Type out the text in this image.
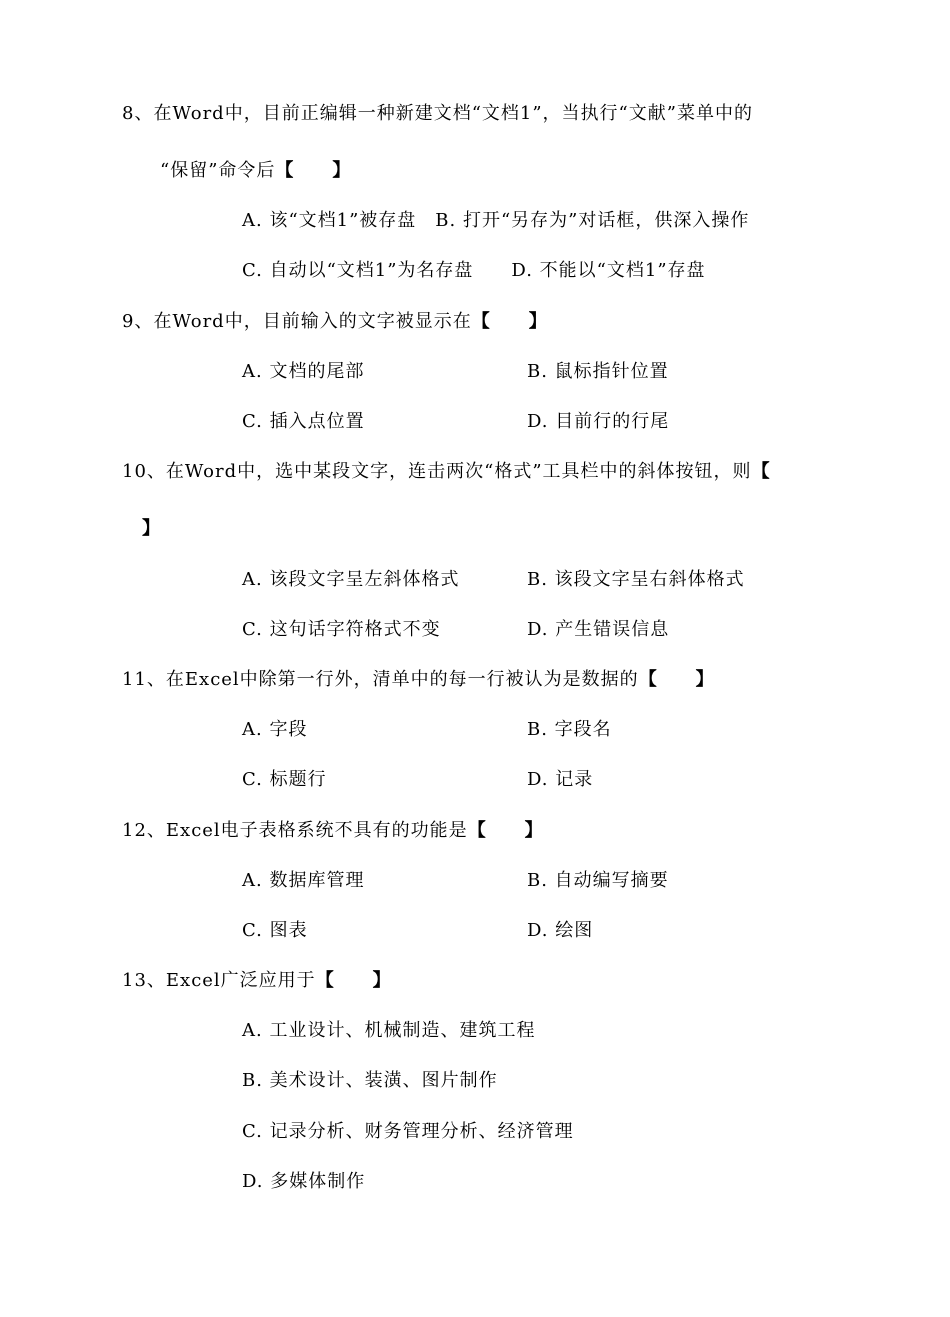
8、在Word中，目前正编辑一种新建文档“文档1”，当执行“文献”菜单中的
“保留”命令后【　　】
A. 该“文档1”被存盘　B. 打开“另存为”对话框，供深入操作
C. 自动以“文档1”为名存盘　　D. 不能以“文档1”存盘
9、在Word中，目前输入的文字被显示在【　　】
A. 文档的尾部	B. 鼠标指针位置
C. 插入点位置	D. 目前行的行尾
10、在Word中，选中某段文字，连击两次“格式”工具栏中的斜体按钮，则【
】
A. 该段文字呈左斜体格式	B. 该段文字呈右斜体格式
C. 这句话字符格式不变	D. 产生错误信息
11、在Excel中除第一行外，清单中的每一行被认为是数据的【　　】
A. 字段	B. 字段名
C. 标题行	D. 记录
12、Excel电子表格系统不具有的功能是【　　】
A. 数据库管理	B. 自动编写摘要
C. 图表	D. 绘图
13、Excel广泛应用于【　　】
A. 工业设计、机械制造、建筑工程
B. 美术设计、装潢、图片制作
C. 记录分析、财务管理分析、经济管理
D. 多媒体制作
